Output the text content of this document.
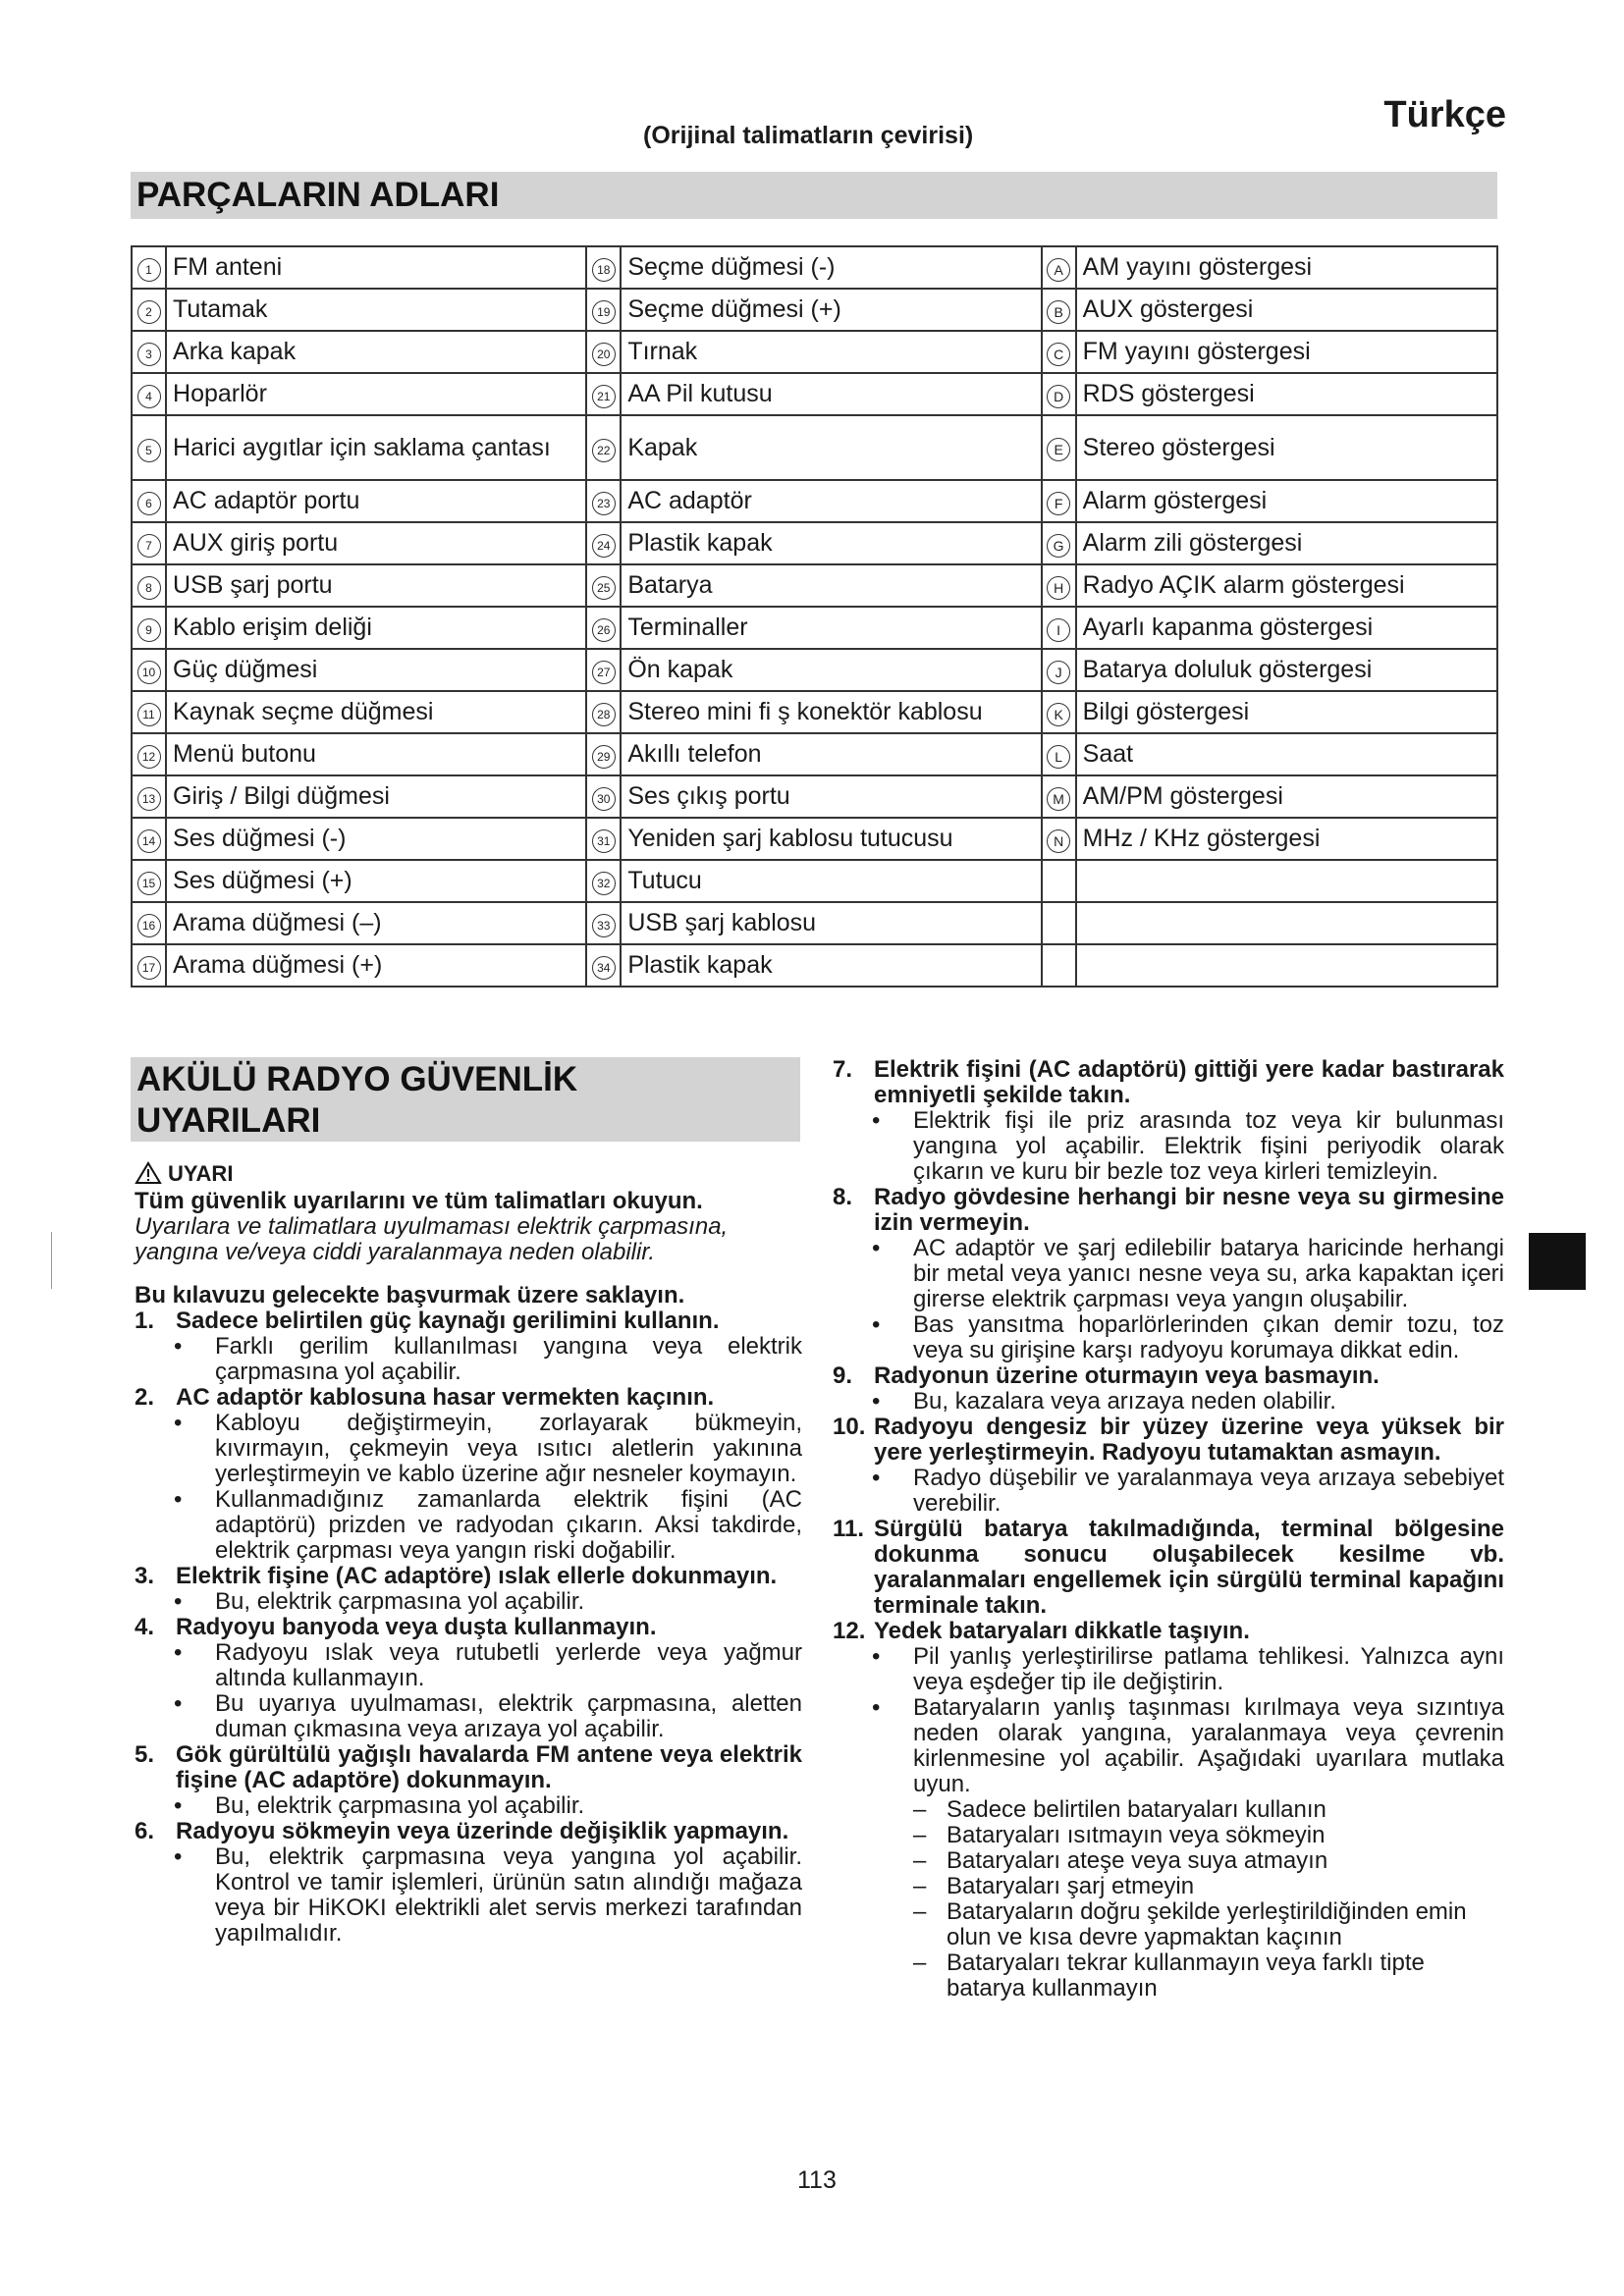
(Orijinal talimatların çevirisi)	Türkçe
PARÇALARIN ADLARI
1	FM anteni	18	Seçme düğmesi (-)	A	AM yayını göstergesi
2	Tutamak	19	Seçme düğmesi (+)	B	AUX göstergesi
3	Arka kapak	20	Tırnak	C	FM yayını göstergesi
4	Hoparlör	21	AA Pil kutusu	D	RDS göstergesi
5	Harici aygıtlar için saklama çantası	22	Kapak	E	Stereo göstergesi
6	AC adaptör portu	23	AC adaptör	F	Alarm göstergesi
7	AUX giriş portu	24	Plastik kapak	G	Alarm zili göstergesi
8	USB şarj portu	25	Batarya	H	Radyo AÇIK alarm göstergesi
9	Kablo erişim deliği	26	Terminaller	I	Ayarlı kapanma göstergesi
10	Güç düğmesi	27	Ön kapak	J	Batarya doluluk göstergesi
11	Kaynak seçme düğmesi	28	Stereo mini fi ş konektör kablosu	K	Bilgi göstergesi
12	Menü butonu	29	Akıllı telefon	L	Saat
13	Giriş / Bilgi düğmesi	30	Ses çıkış portu	M	AM/PM göstergesi
14	Ses düğmesi (-)	31	Yeniden şarj kablosu tutucusu	N	MHz / KHz göstergesi
15	Ses düğmesi (+)	32	Tutucu		
16	Arama düğmesi (–)	33	USB şarj kablosu		
17	Arama düğmesi (+)	34	Plastik kapak		
AKÜLÜ RADYO GÜVENLİK
UYARILARI
UYARI

Tüm güvenlik uyarılarını ve tüm talimatları okuyun.

Uyarılara ve talimatlara uyulmaması elektrik çarpmasına, yangına ve/veya ciddi yaralanmaya neden olabilir.

Bu kılavuzu gelecekte başvurmak üzere saklayın.

1. Sadece belirtilen güç kaynağı gerilimini kullanın.
•	Farklı gerilim kullanılması yangına veya elektrik çarpmasına yol açabilir.
2. AC adaptör kablosuna hasar vermekten kaçının.
•	Kabloyu değiştirmeyin, zorlayarak bükmeyin, kıvırmayın, çekmeyin veya ısıtıcı aletlerin yakınına yerleştirmeyin ve kablo üzerine ağır nesneler koymayın.
•	Kullanmadığınız zamanlarda elektrik fişini (AC adaptörü) prizden ve radyodan çıkarın. Aksi takdirde, elektrik çarpması veya yangın riski doğabilir.
3. Elektrik fişine (AC adaptöre) ıslak ellerle dokunmayın.
•	Bu, elektrik çarpmasına yol açabilir.
4. Radyoyu banyoda veya duşta kullanmayın.
•	Radyoyu ıslak veya rutubetli yerlerde veya yağmur altında kullanmayın.
•	Bu uyarıya uyulmaması, elektrik çarpmasına, aletten duman çıkmasına veya arızaya yol açabilir.
5. Gök gürültülü yağışlı havalarda FM antene veya elektrik fişine (AC adaptöre) dokunmayın.
•	Bu, elektrik çarpmasına yol açabilir.
6. Radyoyu sökmeyin veya üzerinde değişiklik yapmayın.
•	Bu, elektrik çarpmasına veya yangına yol açabilir. Kontrol ve tamir işlemleri, ürünün satın alındığı mağaza veya bir HiKOKI elektrikli alet servis merkezi tarafından yapılmalıdır.
7. Elektrik fişini (AC adaptörü) gittiği yere kadar bastırarak emniyetli şekilde takın.
•	Elektrik fişi ile priz arasında toz veya kir bulunması yangına yol açabilir. Elektrik fişini periyodik olarak çıkarın ve kuru bir bezle toz veya kirleri temizleyin.
8. Radyo gövdesine herhangi bir nesne veya su girmesine izin vermeyin.
•	AC adaptör ve şarj edilebilir batarya haricinde herhangi bir metal veya yanıcı nesne veya su, arka kapaktan içeri girerse elektrik çarpması veya yangın oluşabilir.
•	Bas yansıtma hoparlörlerinden çıkan demir tozu, toz veya su girişine karşı radyoyu korumaya dikkat edin.
9. Radyonun üzerine oturmayın veya basmayın.
•	Bu, kazalara veya arızaya neden olabilir.
10. Radyoyu dengesiz bir yüzey üzerine veya yüksek bir yere yerleştirmeyin. Radyoyu tutamaktan asmayın.
•	Radyo düşebilir ve yaralanmaya veya arızaya sebebiyet verebilir.
11. Sürgülü batarya takılmadığında, terminal bölgesine dokunma sonucu oluşabilecek kesilme vb. yaralanmaları engellemek için sürgülü terminal kapağını terminale takın.
12. Yedek bataryaları dikkatle taşıyın.
•	Pil yanlış yerleştirilirse patlama tehlikesi. Yalnızca aynı veya eşdeğer tip ile değiştirin.
•	Bataryaların yanlış taşınması kırılmaya veya sızıntıya neden olarak yangına, yaralanmaya veya çevrenin kirlenmesine yol açabilir. Aşağıdaki uyarılara mutlaka uyun.
– Sadece belirtilen bataryaları kullanın
– Bataryaları ısıtmayın veya sökmeyin
– Bataryaları ateşe veya suya atmayın
– Bataryaları şarj etmeyin
– Bataryaların doğru şekilde yerleştirildiğinden emin olun ve kısa devre yapmaktan kaçının
– Bataryaları tekrar kullanmayın veya farklı tipte batarya kullanmayın
113
